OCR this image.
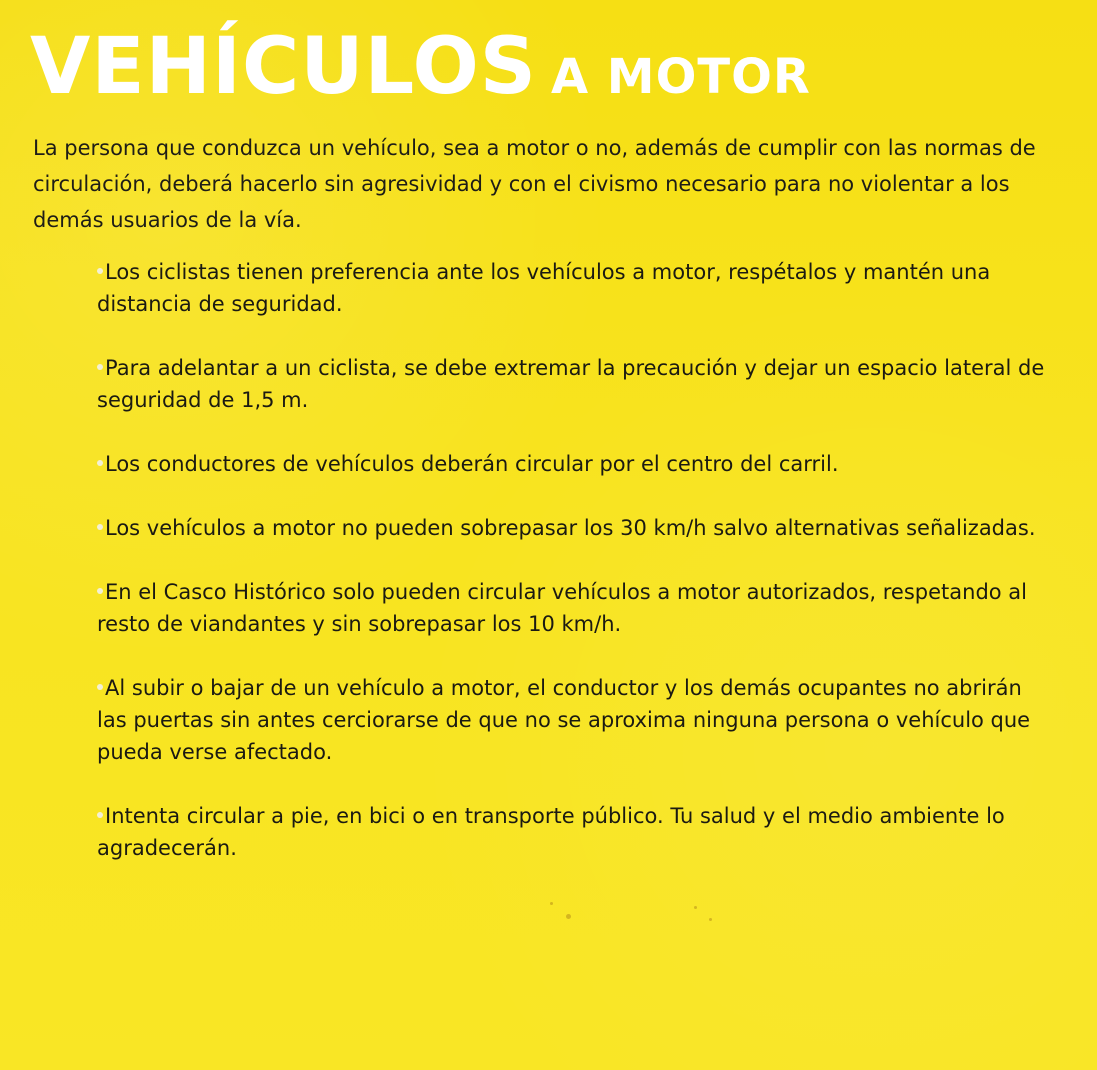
VEHÍCULOS A MOTOR

La persona que conduzca un vehículo, sea a motor o no, además de cumplir con las normas de circulación, deberá hacerlo sin agresividad y con el civismo necesario para no violentar a los demás usuarios de la vía.

Los ciclistas tienen preferencia ante los vehículos a motor, respétalos y mantén una distancia de seguridad.
Para adelantar a un ciclista, se debe extremar la precaución y dejar un espacio lateral de seguridad de 1,5 m.
Los conductores de vehículos deberán circular por el centro del carril.
Los vehículos a motor no pueden sobrepasar los 30 km/h salvo alternativas señalizadas.
En el Casco Histórico solo pueden circular vehículos a motor autorizados, respetando al resto de viandantes y sin sobrepasar los 10 km/h.
Al subir o bajar de un vehículo a motor, el conductor y los demás ocupantes no abrirán las puertas sin antes cerciorarse de que no se aproxima ninguna persona o vehículo que pueda verse afectado.
Intenta circular a pie, en bici o en transporte público. Tu salud y el medio ambiente lo agradecerán.
